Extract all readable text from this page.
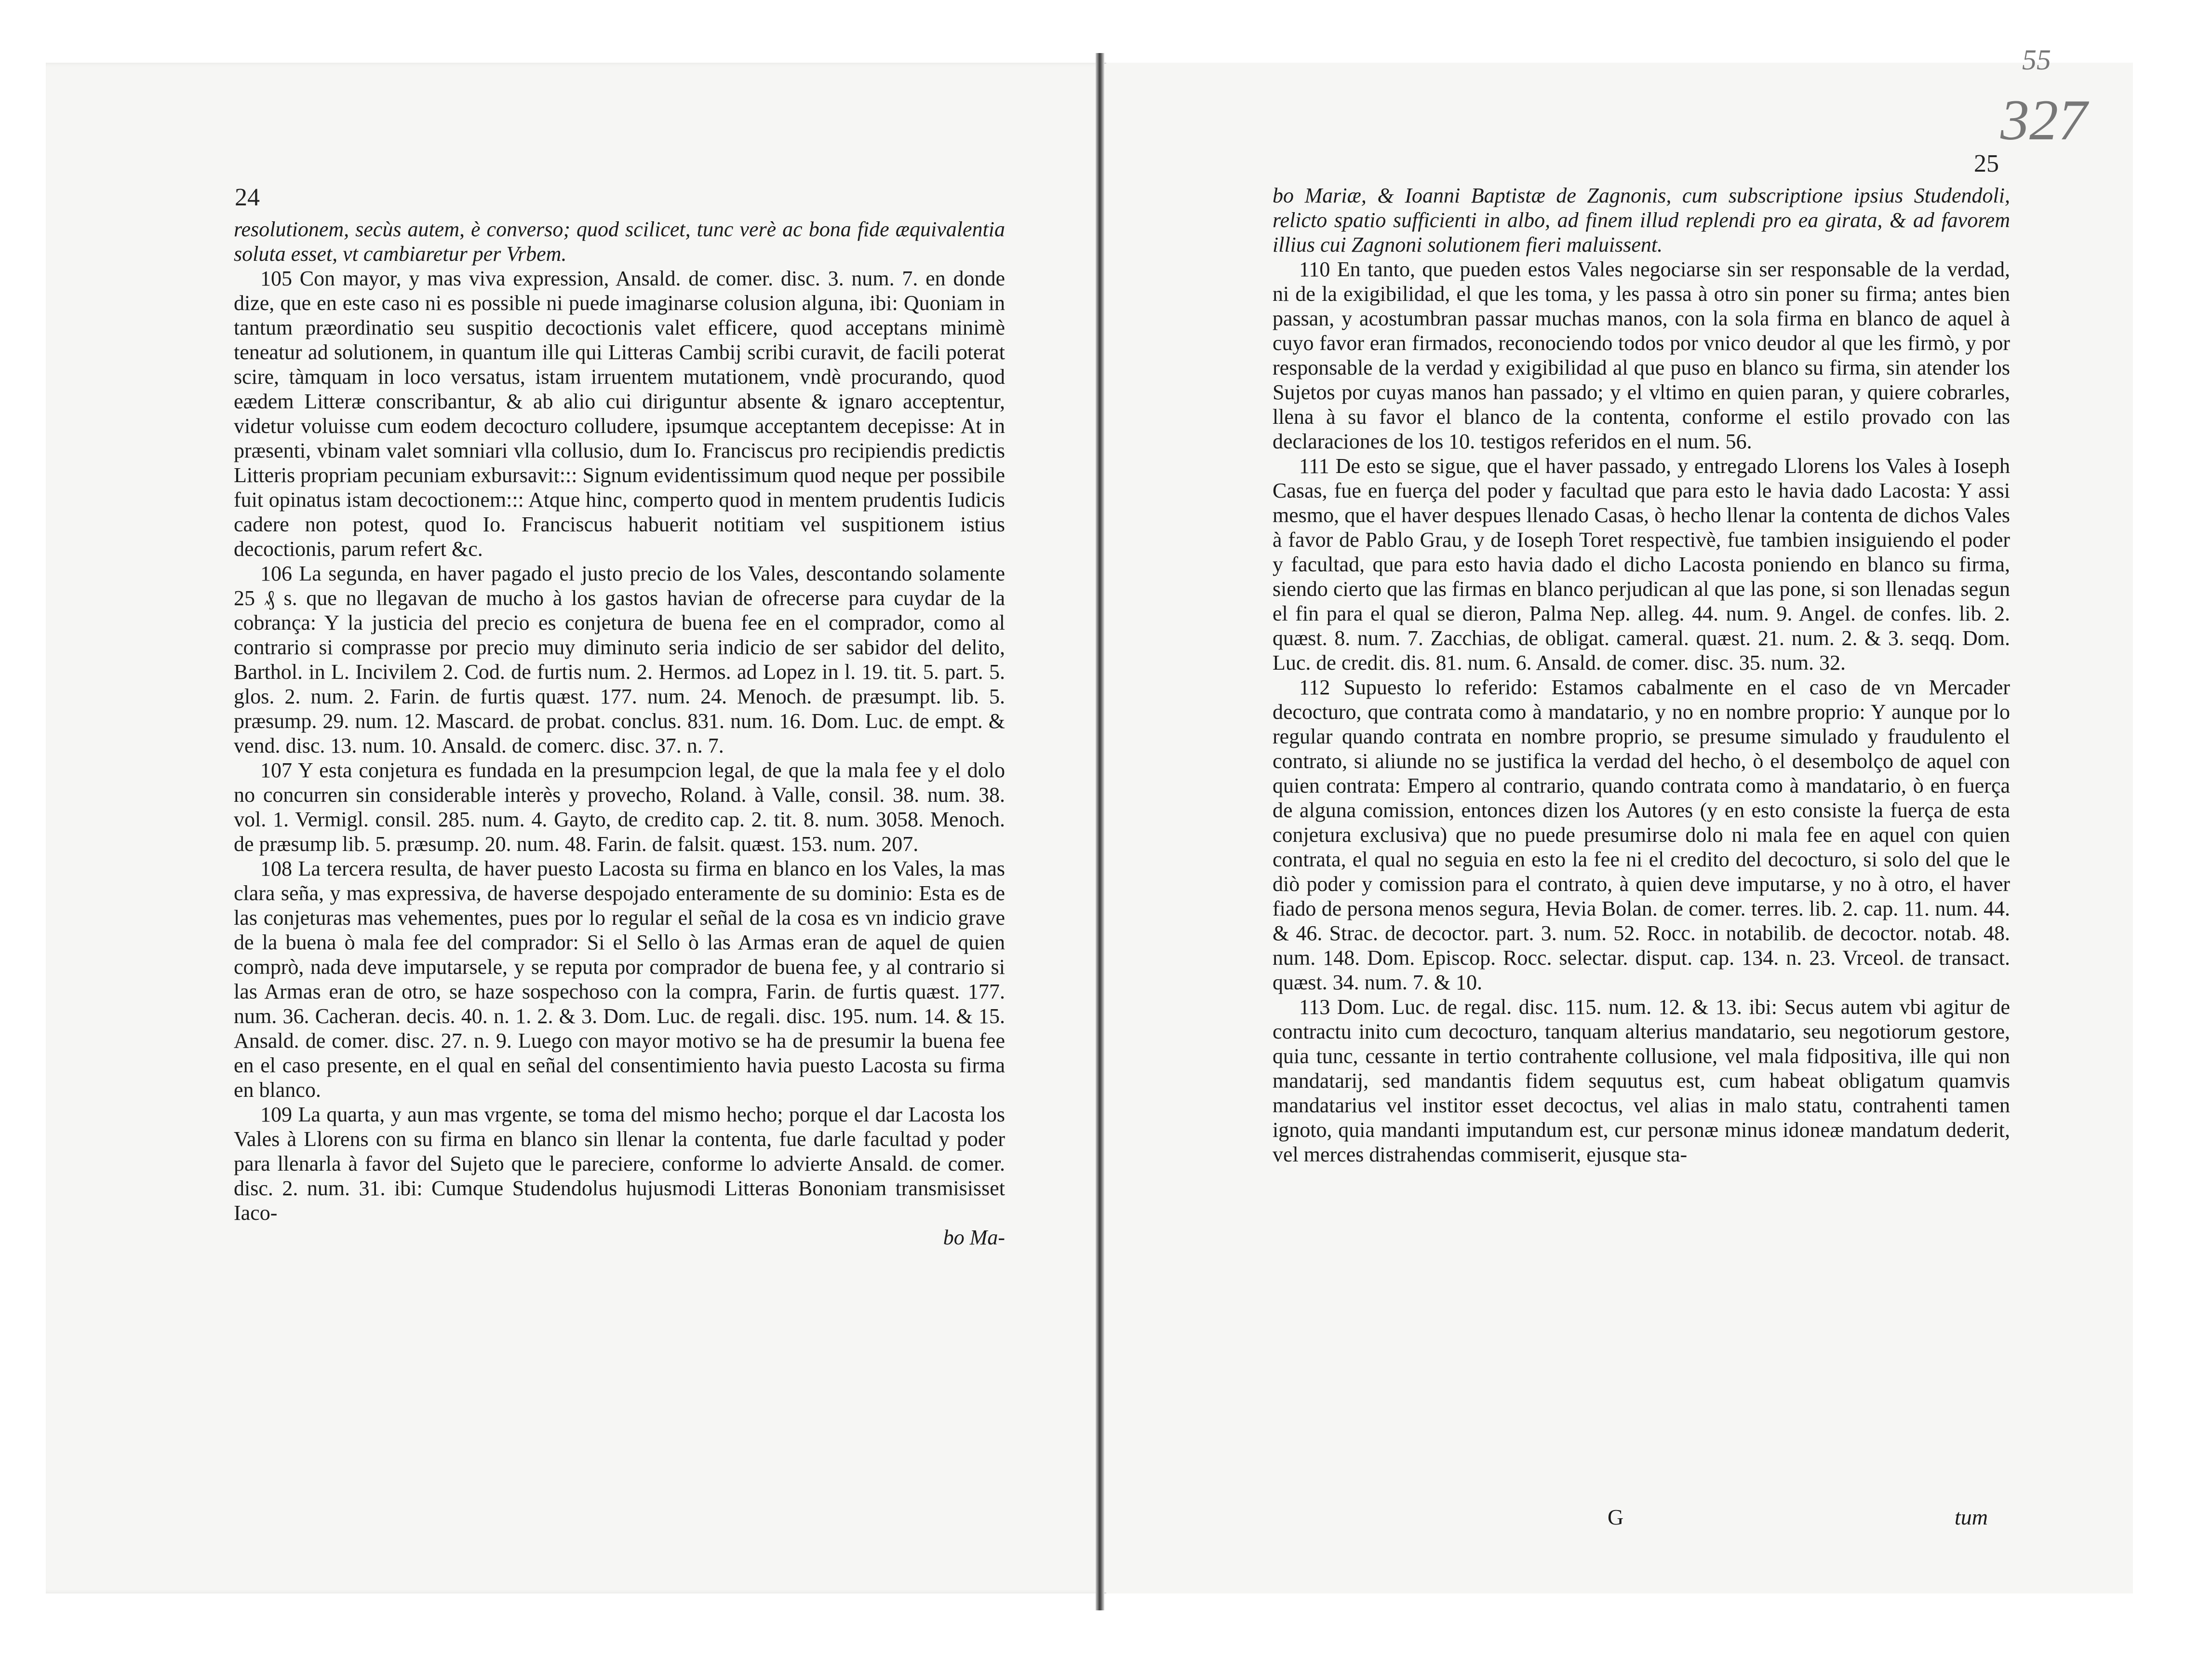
24

resolutionem, secùs autem, è converso; quod scilicet, tunc verè ac bona fide æquivalentia soluta esset, vt cambiaretur per Vrbem.

105 Con mayor, y mas viva expression, Ansald. de comer. disc. 3. num. 7. en donde dize, que en este caso ni es possible ni puede imaginarse colusion alguna, ibi: Quoniam in tantum præordinatio seu suspitio decoctionis valet efficere, quod acceptans minimè teneatur ad solutionem, in quantum ille qui Litteras Cambij scribi curavit, de facili poterat scire, tàmquam in loco versatus, istam irruentem mutationem, vndè procurando, quod eædem Litteræ conscribantur, & ab alio cui diriguntur absente & ignaro acceptentur, videtur voluisse cum eodem decocturo colludere, ipsumque acceptantem decepisse: At in præsenti, vbinam valet somniari vlla collusio, dum Io. Franciscus pro recipiendis predictis Litteris propriam pecuniam exbursavit::: Signum evidentissimum quod neque per possibile fuit opinatus istam decoctionem::: Atque hinc, comperto quod in mentem prudentis Iudicis cadere non potest, quod Io. Franciscus habuerit notitiam vel suspitionem istius decoctionis, parum refert &c.

106 La segunda, en haver pagado el justo precio de los Vales, descontando solamente 25 ₰ s. que no llegavan de mucho à los gastos havian de ofrecerse para cuydar de la cobrança: Y la justicia del precio es conjetura de buena fee en el comprador, como al contrario si comprasse por precio muy diminuto seria indicio de ser sabidor del delito, Barthol. in L. Incivilem 2. Cod. de furtis num. 2. Hermos. ad Lopez in l. 19. tit. 5. part. 5. glos. 2. num. 2. Farin. de furtis quæst. 177. num. 24. Menoch. de præsumpt. lib. 5. præsump. 29. num. 12. Mascard. de probat. conclus. 831. num. 16. Dom. Luc. de empt. & vend. disc. 13. num. 10. Ansald. de comerc. disc. 37. n. 7.

107 Y esta conjetura es fundada en la presumpcion legal, de que la mala fee y el dolo no concurren sin considerable interès y provecho, Roland. à Valle, consil. 38. num. 38. vol. 1. Vermigl. consil. 285. num. 4. Gayto, de credito cap. 2. tit. 8. num. 3058. Menoch. de præsump lib. 5. præsump. 20. num. 48. Farin. de falsit. quæst. 153. num. 207.

108 La tercera resulta, de haver puesto Lacosta su firma en blanco en los Vales, la mas clara seña, y mas expressiva, de haverse despojado enteramente de su dominio: Esta es de las conjeturas mas vehementes, pues por lo regular el señal de la cosa es vn indicio grave de la buena ò mala fee del comprador: Si el Sello ò las Armas eran de aquel de quien comprò, nada deve imputarsele, y se reputa por comprador de buena fee, y al contrario si las Armas eran de otro, se haze sospechoso con la compra, Farin. de furtis quæst. 177. num. 36. Cacheran. decis. 40. n. 1. 2. & 3. Dom. Luc. de regali. disc. 195. num. 14. & 15. Ansald. de comer. disc. 27. n. 9. Luego con mayor motivo se ha de presumir la buena fee en el caso presente, en el qual en señal del consentimiento havia puesto Lacosta su firma en blanco.

109 La quarta, y aun mas vrgente, se toma del mismo hecho; porque el dar Lacosta los Vales à Llorens con su firma en blanco sin llenar la contenta, fue darle facultad y poder para llenarla à favor del Sujeto que le pareciere, conforme lo advierte Ansald. de comer. disc. 2. num. 31. ibi: Cumque Studendolus hujusmodi Litteras Bononiam transmisisset Iaco-

bo Ma-

25

bo Mariæ, & Ioanni Baptistæ de Zagnonis, cum subscriptione ipsius Studendoli, relicto spatio sufficienti in albo, ad finem illud replendi pro ea girata, & ad favorem illius cui Zagnoni solutionem fieri maluissent.

110 En tanto, que pueden estos Vales negociarse sin ser responsable de la verdad, ni de la exigibilidad, el que les toma, y les passa à otro sin poner su firma; antes bien passan, y acostumbran passar muchas manos, con la sola firma en blanco de aquel à cuyo favor eran firmados, reconociendo todos por vnico deudor al que les firmò, y por responsable de la verdad y exigibilidad al que puso en blanco su firma, sin atender los Sujetos por cuyas manos han passado; y el vltimo en quien paran, y quiere cobrarles, llena à su favor el blanco de la contenta, conforme el estilo provado con las declaraciones de los 10. testigos referidos en el num. 56.

111 De esto se sigue, que el haver passado, y entregado Llorens los Vales à Ioseph Casas, fue en fuerça del poder y facultad que para esto le havia dado Lacosta: Y assi mesmo, que el haver despues llenado Casas, ò hecho llenar la contenta de dichos Vales à favor de Pablo Grau, y de Ioseph Toret respectivè, fue tambien insiguiendo el poder y facultad, que para esto havia dado el dicho Lacosta poniendo en blanco su firma, siendo cierto que las firmas en blanco perjudican al que las pone, si son llenadas segun el fin para el qual se dieron, Palma Nep. alleg. 44. num. 9. Angel. de confes. lib. 2. quæst. 8. num. 7. Zacchias, de obligat. cameral. quæst. 21. num. 2. & 3. seqq. Dom. Luc. de credit. dis. 81. num. 6. Ansald. de comer. disc. 35. num. 32.

112 Supuesto lo referido: Estamos cabalmente en el caso de vn Mercader decocturo, que contrata como à mandatario, y no en nombre proprio: Y aunque por lo regular quando contrata en nombre proprio, se presume simulado y fraudulento el contrato, si aliunde no se justifica la verdad del hecho, ò el desembolço de aquel con quien contrata: Empero al contrario, quando contrata como à mandatario, ò en fuerça de alguna comission, entonces dizen los Autores (y en esto consiste la fuerça de esta conjetura exclusiva) que no puede presumirse dolo ni mala fee en aquel con quien contrata, el qual no seguia en esto la fee ni el credito del decocturo, si solo del que le diò poder y comission para el contrato, à quien deve imputarse, y no à otro, el haver fiado de persona menos segura, Hevia Bolan. de comer. terres. lib. 2. cap. 11. num. 44. & 46. Strac. de decoctor. part. 3. num. 52. Rocc. in notabilib. de decoctor. notab. 48. num. 148. Dom. Episcop. Rocc. selectar. disput. cap. 134. n. 23. Vrceol. de transact. quæst. 34. num. 7. & 10.

113 Dom. Luc. de regal. disc. 115. num. 12. & 13. ibi: Secus autem vbi agitur de contractu inito cum decocturo, tanquam alterius mandatario, seu negotiorum gestore, quia tunc, cessante in tertio contrahente collusione, vel mala fidpositiva, ille qui non mandatarij, sed mandantis fidem sequutus est, cum habeat obligatum quamvis mandatarius vel institor esset decoctus, vel alias in malo statu, contrahenti tamen ignoto, quia mandanti imputandum est, cur personæ minus idoneæ mandatum dederit, vel merces distrahendas commiserit, ejusque sta-

G	tum
55
327
